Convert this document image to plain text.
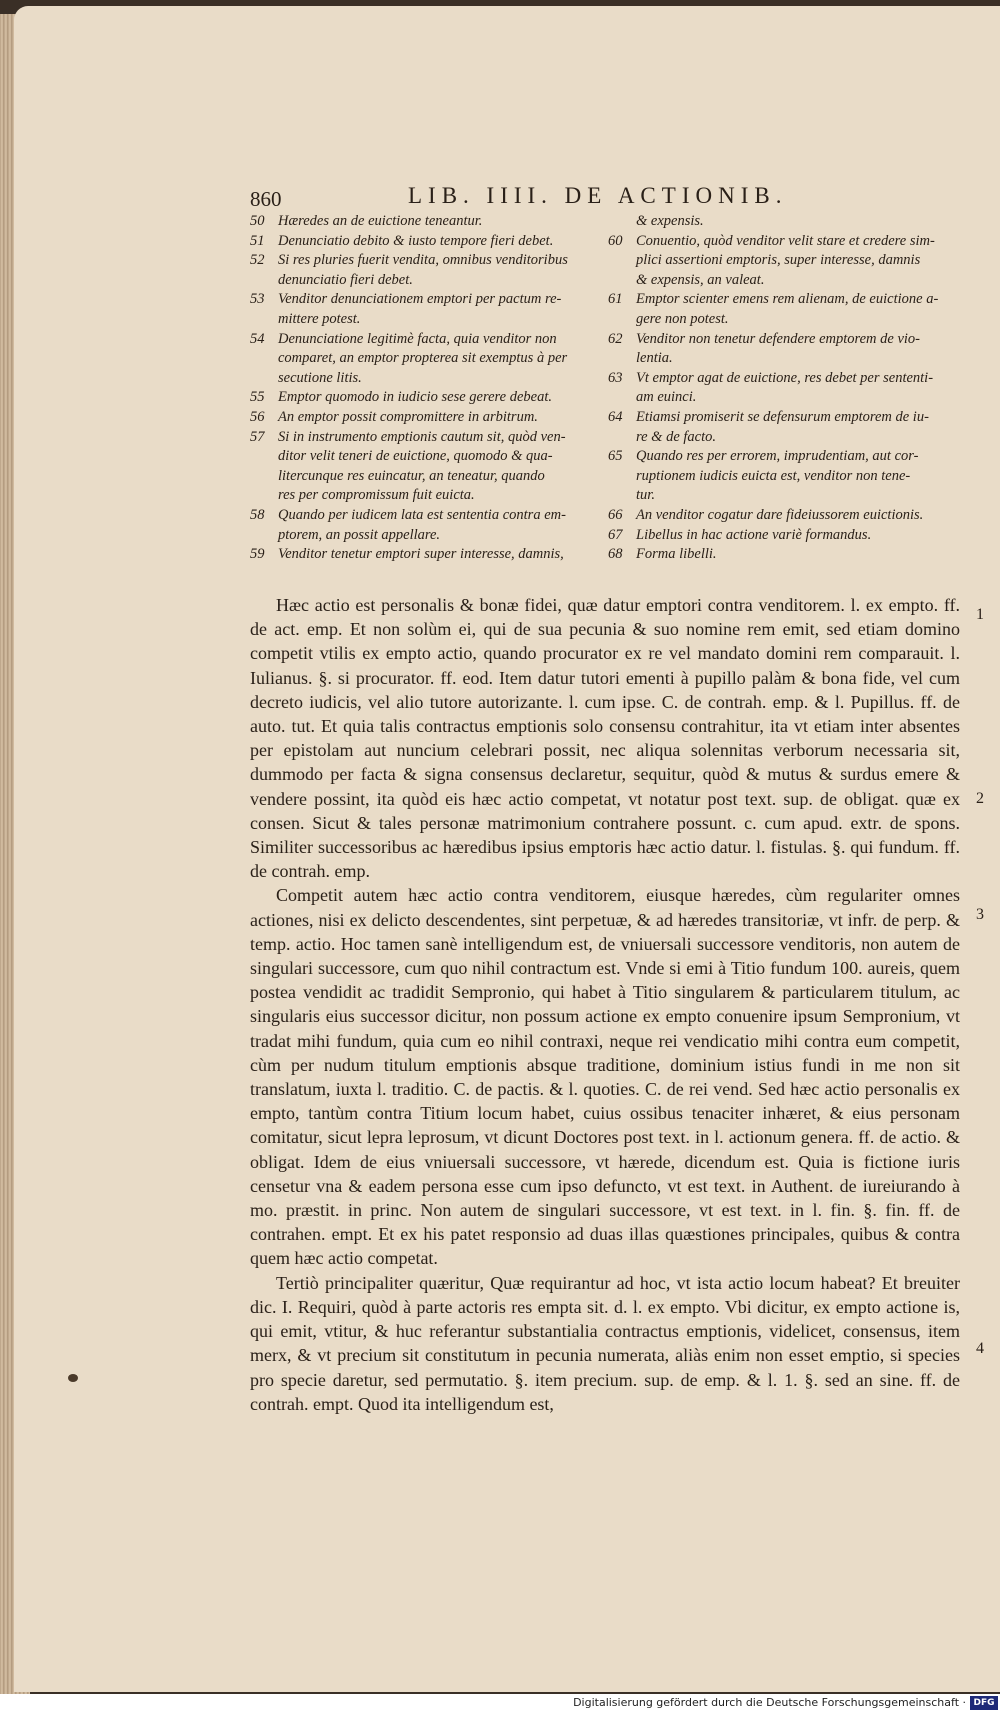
860	LIB. IIII. DE ACTIONIB.
50 Hæredes an de euictione teneantur.
51 Denunciatio debito & iusto tempore fieri debet.
52 Si res pluries fuerit vendita, omnibus venditoribus
denunciatio fieri debet.
53 Venditor denunciationem emptori per pactum re-
mittere potest.
54 Denunciatione legitimè facta, quia venditor non
comparet, an emptor propterea sit exemptus à per
secutione litis.
55 Emptor quomodo in iudicio sese gerere debeat.
56 An emptor possit compromittere in arbitrum.
57 Si in instrumento emptionis cautum sit, quòd ven-
ditor velit teneri de euictione, quomodo & qua-
litercunque res euincatur, an teneatur, quando
res per compromissum fuit euicta.
58 Quando per iudicem lata est sententia contra em-
ptorem, an possit appellare.
59 Venditor tenetur emptori super interesse, damnis,
& expensis.
60 Conuentio, quòd venditor velit stare et credere sim-
plici assertioni emptoris, super interesse, damnis
& expensis, an valeat.
61 Emptor scienter emens rem alienam, de euictione a-
gere non potest.
62 Venditor non tenetur defendere emptorem de vio-
lentia.
63 Vt emptor agat de euictione, res debet per sententi-
am euinci.
64 Etiamsi promiserit se defensurum emptorem de iu-
re & de facto.
65 Quando res per errorem, imprudentiam, aut cor-
ruptionem iudicis euicta est, venditor non tene-
tur.
66 An venditor cogatur dare fideiussorem euictionis.
67 Libellus in hac actione variè formandus.
68 Forma libelli.

Hæc actio est personalis & bonæ fidei, quæ datur emptori contra venditorem. l. ex empto. ff. de act. emp. Et non solùm ei, qui de sua pecunia & suo nomine rem emit, sed etiam domino competit vtilis ex empto actio, quando procurator ex re vel mandato domini rem comparauit. l. Iulianus. §. si procurator. ff. eod. Item datur tutori ementi à pupillo palàm & bona fide, vel cum decreto iudicis, vel alio tutore autorizante. l. cum ipse. C. de contrah. emp. & l. Pupillus. ff. de auto. tut. Et quia talis contractus emptionis solo consensu contrahitur, ita vt etiam inter absentes per epistolam aut nuncium celebrari possit, nec aliqua solennitas verborum necessaria sit, dummodo per facta & signa consensus declaretur, sequitur, quòd & mutus & surdus emere & vendere possint, ita quòd eis hæc actio competat, vt notatur post text. sup. de obligat. quæ ex consen. Sicut & tales personæ matrimonium contrahere possunt. c. cum apud. extr. de spons. Similiter successoribus ac hæredibus ipsius emptoris hæc actio datur. l. fistulas. §. qui fundum. ff. de contrah. emp.

Competit autem hæc actio contra venditorem, eiusque hæredes, cùm regulariter omnes actiones, nisi ex delicto descendentes, sint perpetuæ, & ad hæredes transitoriæ, vt infr. de perp. & temp. actio. Hoc tamen sanè intelligendum est, de vniuersali successore venditoris, non autem de singulari successore, cum quo nihil contractum est. Vnde si emi à Titio fundum 100. aureis, quem postea vendidit ac tradidit Sempronio, qui habet à Titio singularem & particularem titulum, ac singularis eius successor dicitur, non possum actione ex empto conuenire ipsum Sempronium, vt tradat mihi fundum, quia cum eo nihil contraxi, neque rei vendicatio mihi contra eum competit, cùm per nudum titulum emptionis absque traditione, dominium istius fundi in me non sit translatum, iuxta l. traditio. C. de pactis. & l. quoties. C. de rei vend. Sed hæc actio personalis ex empto, tantùm contra Titium locum habet, cuius ossibus tenaciter inhæret, & eius personam comitatur, sicut lepra leprosum, vt dicunt Doctores post text. in l. actionum genera. ff. de actio. & obligat. Idem de eius vniuersali successore, vt hærede, dicendum est. Quia is fictione iuris censetur vna & eadem persona esse cum ipso defuncto, vt est text. in Authent. de iureiurando à mo. præstit. in princ. Non autem de singulari successore, vt est text. in l. fin. §. fin. ff. de contrahen. empt. Et ex his patet responsio ad duas illas quæstiones principales, quibus & contra quem hæc actio competat.

Tertiò principaliter quæritur, Quæ requirantur ad hoc, vt ista actio locum habeat? Et breuiter dic. I. Requiri, quòd à parte actoris res empta sit. d. l. ex empto. Vbi dicitur, ex empto actione is, qui emit, vtitur, & huc referantur substantialia contractus emptionis, videlicet, consensus, item merx, & vt precium sit constitutum in pecunia numerata, aliàs enim non esset emptio, si species pro specie daretur, sed permutatio. §. item precium. sup. de emp. & l. 1. §. sed an sine. ff. de contrah. empt. Quod ita intelligendum est,

1
2
3
4
Digitalisierung gefördert durch die Deutsche Forschungsgemeinschaft · DFG
